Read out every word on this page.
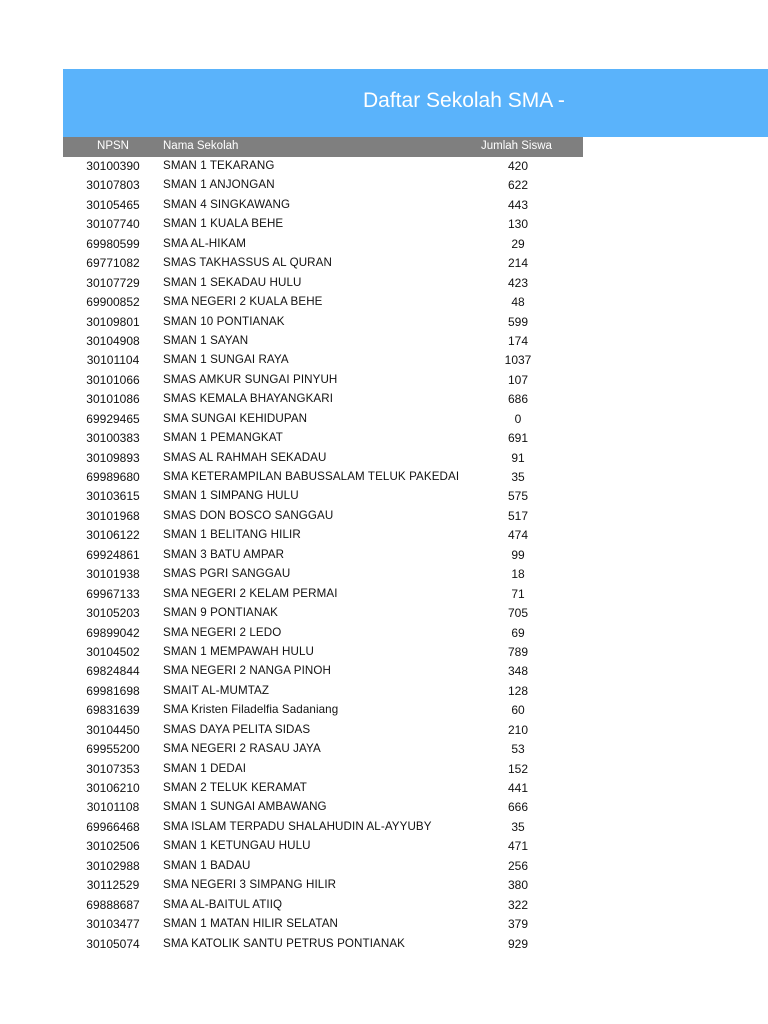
Daftar Sekolah SMA -
NPSN	Nama Sekolah	Jumlah Siswa
30100390	SMAN 1 TEKARANG	420
30107803	SMAN 1 ANJONGAN	622
30105465	SMAN 4 SINGKAWANG	443
30107740	SMAN 1 KUALA BEHE	130
69980599	SMA AL-HIKAM	29
69771082	SMAS TAKHASSUS AL QURAN	214
30107729	SMAN 1 SEKADAU HULU	423
69900852	SMA NEGERI 2 KUALA BEHE	48
30109801	SMAN 10 PONTIANAK	599
30104908	SMAN 1 SAYAN	174
30101104	SMAN 1 SUNGAI RAYA	1037
30101066	SMAS AMKUR SUNGAI PINYUH	107
30101086	SMAS KEMALA BHAYANGKARI	686
69929465	SMA SUNGAI KEHIDUPAN	0
30100383	SMAN 1 PEMANGKAT	691
30109893	SMAS AL RAHMAH SEKADAU	91
69989680	SMA KETERAMPILAN BABUSSALAM TELUK PAKEDAI	35
30103615	SMAN 1 SIMPANG HULU	575
30101968	SMAS DON BOSCO SANGGAU	517
30106122	SMAN 1 BELITANG HILIR	474
69924861	SMAN 3 BATU AMPAR	99
30101938	SMAS PGRI SANGGAU	18
69967133	SMA NEGERI 2 KELAM PERMAI	71
30105203	SMAN 9 PONTIANAK	705
69899042	SMA NEGERI 2 LEDO	69
30104502	SMAN 1 MEMPAWAH HULU	789
69824844	SMA NEGERI 2 NANGA PINOH	348
69981698	SMAIT AL-MUMTAZ	128
69831639	SMA Kristen Filadelfia Sadaniang	60
30104450	SMAS DAYA PELITA SIDAS	210
69955200	SMA NEGERI 2 RASAU JAYA	53
30107353	SMAN 1 DEDAI	152
30106210	SMAN 2 TELUK KERAMAT	441
30101108	SMAN 1 SUNGAI AMBAWANG	666
69966468	SMA ISLAM TERPADU SHALAHUDIN AL-AYYUBY	35
30102506	SMAN 1 KETUNGAU HULU	471
30102988	SMAN 1 BADAU	256
30112529	SMA NEGERI 3 SIMPANG HILIR	380
69888687	SMA AL-BAITUL ATIIQ	322
30103477	SMAN 1 MATAN HILIR SELATAN	379
30105074	SMA KATOLIK SANTU PETRUS PONTIANAK	929
